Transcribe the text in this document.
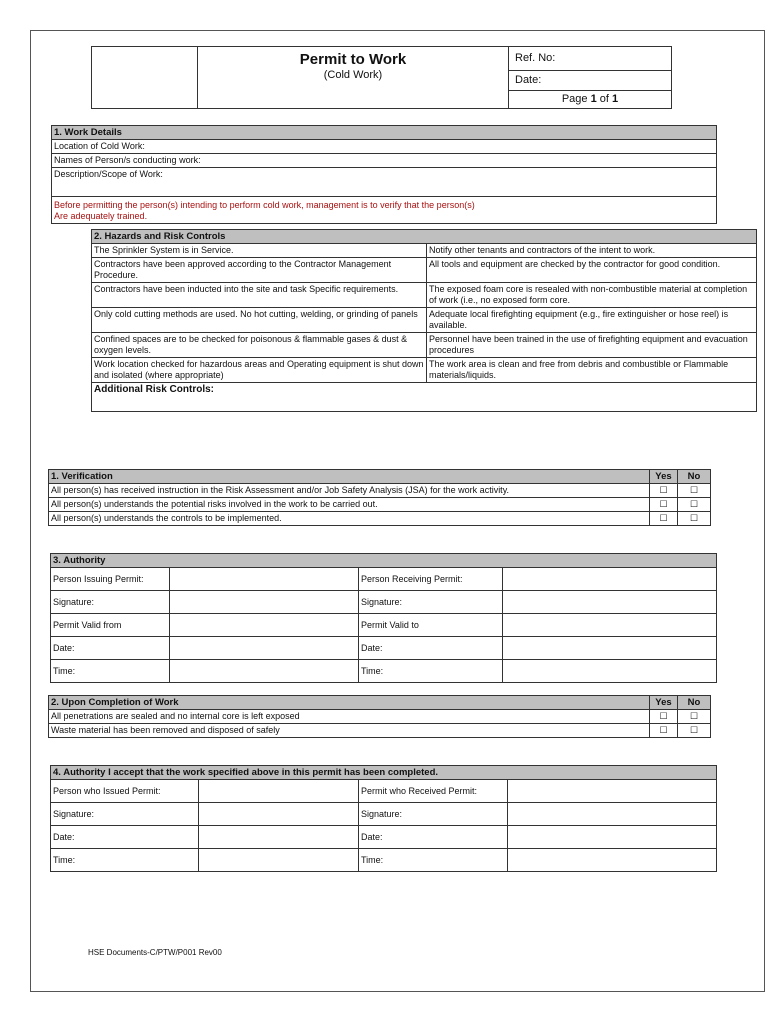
Permit to Work
(Cold Work)
	Ref. No:
Date:
Page 1 of 1
1. Work Details
Location of Cold Work:
Names of Person/s conducting work:
Description/Scope of Work:

Before permitting the person(s) intending to perform cold work, management is to verify that the person(s)
Are adequately trained.
2. Hazards and Risk Controls	
The Sprinkler System is in Service.	Notify other tenants and contractors of the intent to work.
Contractors have been approved according to the Contractor Management Procedure.	All tools and equipment are checked by the contractor for good condition.
Contractors have been inducted into the site and task Specific requirements.	The exposed foam core is resealed with non-combustible material at completion of work (i.e., no exposed form core.
Only cold cutting methods are used. No hot cutting, welding, or grinding of panels	Adequate local firefighting equipment (e.g., fire extinguisher or hose reel) is available.
Confined spaces are to be checked for poisonous & flammable gases & dust & oxygen levels.	Personnel have been trained in the use of firefighting equipment and evacuation procedures
Work location checked for hazardous areas and Operating equipment is shut down and isolated (where appropriate)	The work area is clean and free from debris and combustible or Flammable materials/liquids.
Additional Risk Controls:	
1. Verification	Yes	No
All person(s) has received instruction in the Risk Assessment and/or Job Safety Analysis (JSA) for the work activity.	☐	☐
All person(s) understands the potential risks involved in the work to be carried out.	☐	☐
All person(s) understands the controls to be implemented.	☐	☐
3. Authority			
Person Issuing Permit:		Person Receiving Permit:	
Signature:		Signature:	
Permit Valid from		Permit Valid to	
Date:		Date:	
Time:		Time:	
2. Upon Completion of Work	Yes	No
All penetrations are sealed and no internal core is left exposed	☐	☐
Waste material has been removed and disposed of safely	☐	☐
4. Authority I accept that the work specified above in this permit has been completed.			
Person who Issued Permit:		Permit who Received Permit:	
Signature:		Signature:	
Date:		Date:	
Time:		Time:	
HSE Documents-C/PTW/P001 Rev00
